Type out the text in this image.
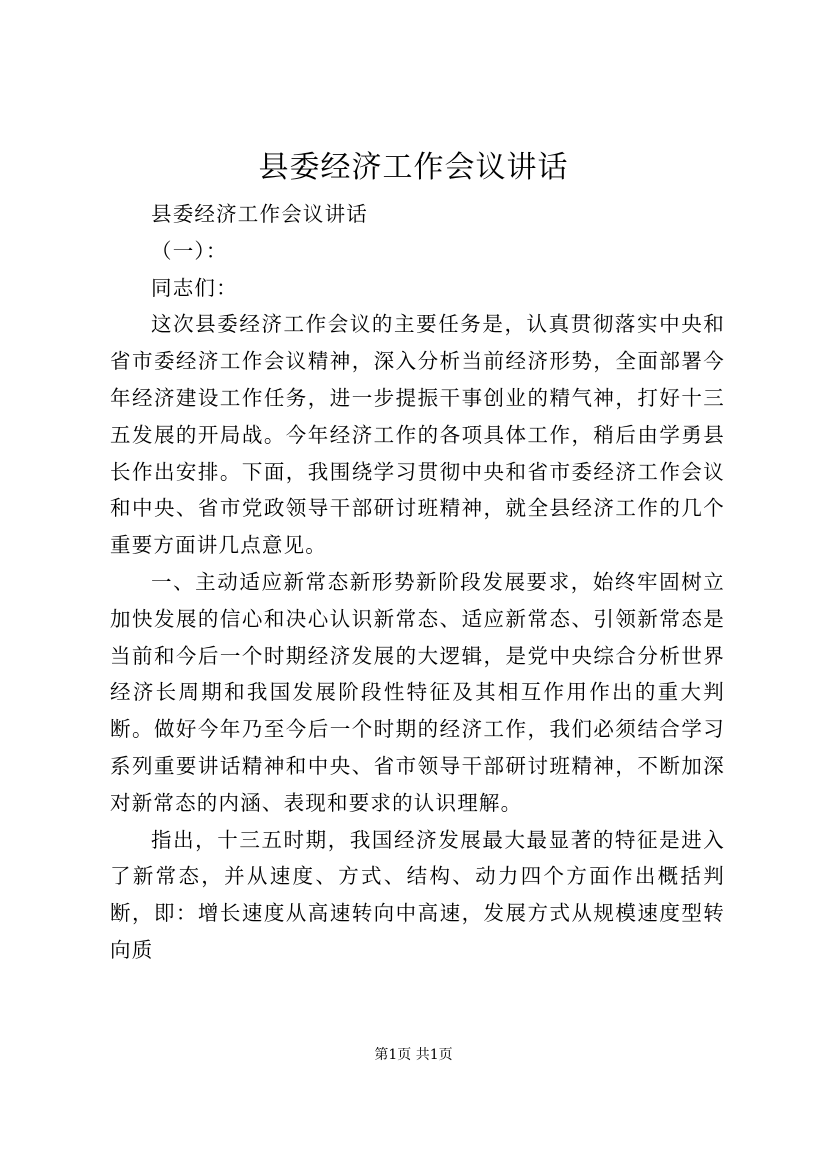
县委经济工作会议讲话

县委经济工作会议讲话

（一）：

同志们：

这次县委经济工作会议的主要任务是，认真贯彻落实中央和省市委经济工作会议精神，深入分析当前经济形势，全面部署今年经济建设工作任务，进一步提振干事创业的精气神，打好十三五发展的开局战。今年经济工作的各项具体工作，稍后由学勇县长作出安排。下面，我围绕学习贯彻中央和省市委经济工作会议和中央、省市党政领导干部研讨班精神，就全县经济工作的几个重要方面讲几点意见。

一、主动适应新常态新形势新阶段发展要求，始终牢固树立加快发展的信心和决心认识新常态、适应新常态、引领新常态是当前和今后一个时期经济发展的大逻辑，是党中央综合分析世界经济长周期和我国发展阶段性特征及其相互作用作出的重大判断。做好今年乃至今后一个时期的经济工作，我们必须结合学习系列重要讲话精神和中央、省市领导干部研讨班精神，不断加深对新常态的内涵、表现和要求的认识理解。

指出，十三五时期，我国经济发展最大最显著的特征是进入了新常态，并从速度、方式、结构、动力四个方面作出概括判断，即：增长速度从高速转向中高速，发展方式从规模速度型转向质

第1页 共1页
